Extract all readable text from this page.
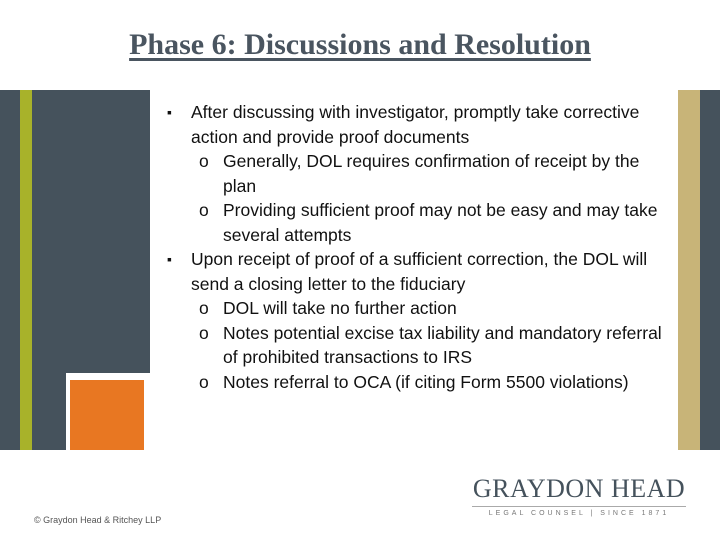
Phase 6: Discussions and Resolution

▪ After discussing with investigator, promptly take corrective action and provide proof documents

o Generally, DOL requires confirmation of receipt by the plan

o Providing sufficient proof may not be easy and may take several attempts

▪ Upon receipt of proof of a sufficient correction, the DOL will send a closing letter to the fiduciary

o DOL will take no further action

o Notes potential excise tax liability and mandatory referral of prohibited transactions to IRS

o Notes referral to OCA (if citing Form 5500 violations)

© Graydon Head & Ritchey LLP
GRAYDON HEAD
LEGAL COUNSEL | SINCE 1871
